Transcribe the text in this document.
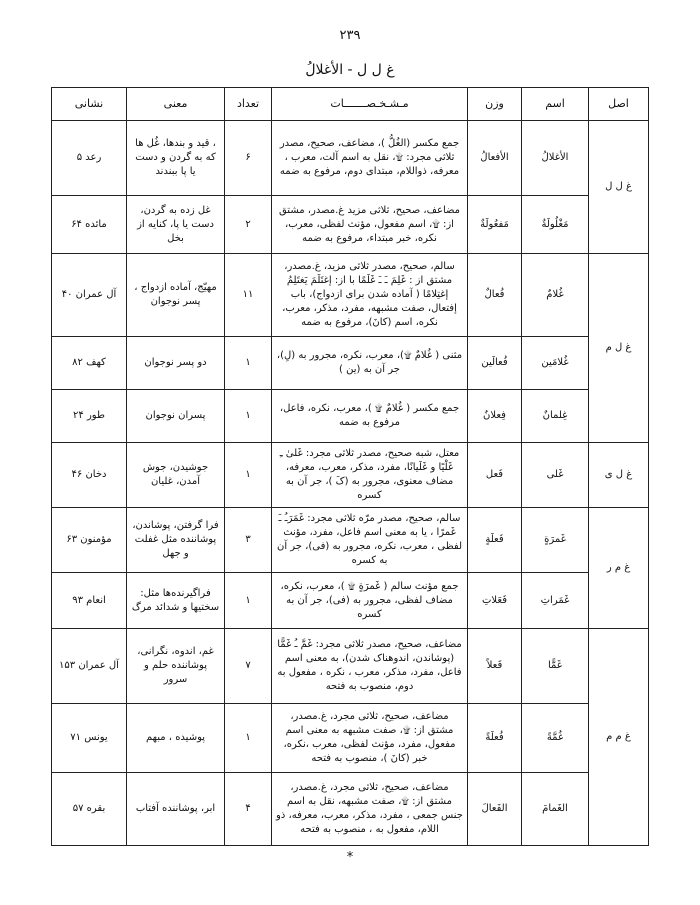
۲۳۹
غ ل ل - الأغلالُ
اصل	اسم	وزن	مـشـخـصـــــــات	تعداد	معنی	نشانی
غ ل ل	الأغلالُ	الأفعالُ	جمع مکسر (الغُلُّ )، مضاعف، صحیح، مصدر ثلاثی مجرد: ۩، نقل به اسم آلت، معرب ، معرفه، ذواللام، مبتدای دوم، مرفوع به ضمه	۶	، قید و بندها، غُل ها که به گردن و دست یا پا ببندند	رعد ۵
	مَغْلُولَةٌ	مَفعُولَةٌ	مضاعف، صحیح، ثلاثی مزید غ.مصدر، مشتق از: ۩، اسم مفعول، مؤنث لفظی، معرب، نکره، خبر مبتداء، مرفوع به ضمه	۲	غل زده به گردن، دست یا پا، کنایه از بخل	مائده ۶۴
غ ل م	غُلامٌ	فُعالٌ	سالم، صحیح، مصدر ثلاثی مزید، غ.مصدر، مشتق از : غَلِمَ ـَ ـَ غَلَمًا با از: إغتَلَمَ يَغتَلِمُ إغتِلامًا ( آماده شدن برای ازدواج)، باب إفتعال، صفت مشبهه، مفرد، مذکر، معرب، نکره، اسم (کانَ)، مرفوع به ضمه	۱۱	مهیّج، آماده ازدواج ، پسر نوجوان	آل عمران ۴۰
	غُلامَين	فُعالَين	مثنی ( غُلامٌ ۩)، معرب، نکره، مجرور به (لِ)، جر آن به (ین )	۱	دو پسر نوجوان	کهف ۸۲
	غِلمانٌ	فِعلانٌ	جمع مکسر ( غُلامٌ ۩ )، معرب، نکره، فاعل، مرفوع به ضمه	۱	پسران نوجوان	طور ۲۴
غ ل ی	غَلی	فَعل	معتل، شبه صحیح، مصدر ثلاثی مجرد: غَلیٰ ـِ غَلْيًا و غَلَيانًا، مفرد، مذکر، معرب، معرفه، مضاف معنوی، مجرور به (کَ )، جر آن به کسره	۱	جوشیدن، جوش آمدن، غلیان	دخان ۴۶
غ م ر	غَمرَةٍ	فَعلَةٍ	سالم، صحیح، مصدر مرّه ثلاثی مجرد: غَمَرَـُ ـَ غَمرًا ، یا به معنی اسم فاعل، مفرد، مؤنث لفظی ، معرب، نکره، مجرور به (فی)، جر آن به کسره	۳	فرا گرفتن، پوشاندن، پوشاننده مثل غفلت و جهل	مؤمنون ۶۳
	غَمَراتِ	فَعَلاتِ	جمع مؤنث سالم ( غَمرَةٍ ۩ )، معرب، نکره، مضاف لفظی، مجرور به (فی)، جر آن به کسره	۱	فراگیرنده‌ها مثل: سختیها و شدائد مرگ	انعام ۹۳
غ م م	غَمًّا	فَعلاً	مضاعف، صحیح، مصدر ثلاثی مجرد: غَمَّ ـُ غَمًّا (پوشاندن، اندوهناک شدن)، به معنی اسم فاعل، مفرد، مذکر، معرب ، نکره ، مفعول به دوم، منصوب به فتحه	۷	غم، اندوه، نگرانی، پوشاننده حلم و سرور	آل عمران ۱۵۳
	غُمَّةً	فُعلَةً	مضاعف، صحیح، ثلاثی مجرد، غ.مصدر، مشتق از: ۩، صفت مشبهه به معنی اسم مفعول، مفرد، مؤنث لفظی، معرب ،نکره، خبر (کانَ )، منصوب به فتحه	۱	پوشیده ، مبهم	یونس ۷۱
	الغَمامَ	الفَعالَ	مضاعف، صحیح، ثلاثی مجرد، غ.مصدر، مشتق از: ۩، صفت مشبهه، نقل به اسم جنس جمعی ، مفرد، مذکر، معرب، معرفه، ذو اللام، مفعول به ، منصوب به فتحه	۴	ابر، پوشاننده آفتاب	بقره ۵۷
*
